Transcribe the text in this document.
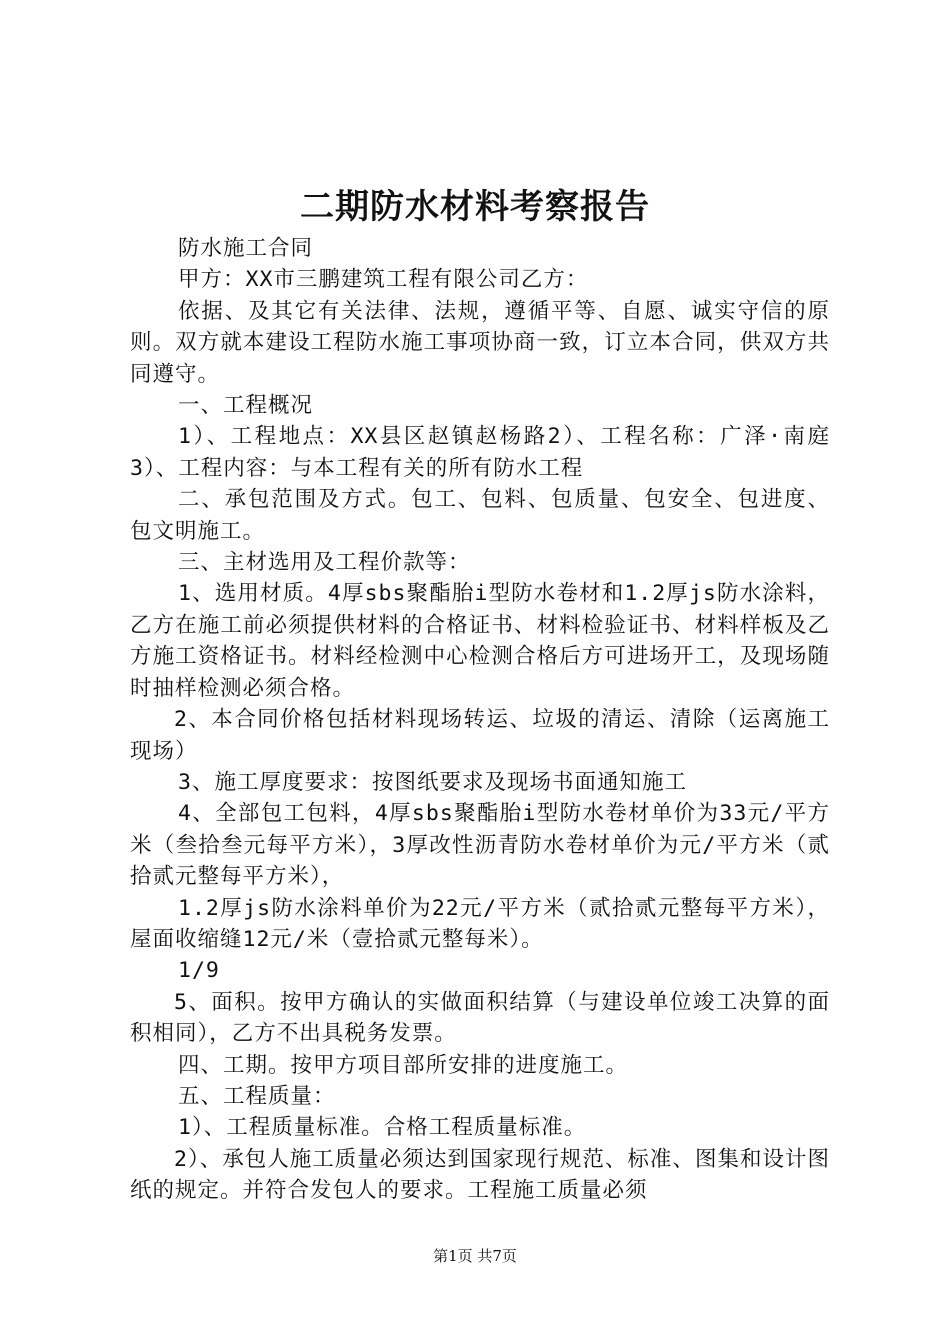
二期防水材料考察报告

防水施工合同

甲方：XX市三鹏建筑工程有限公司乙方：

依据、及其它有关法律、法规，遵循平等、自愿、诚实守信的原则。双方就本建设工程防水施工事项协商一致，订立本合同，供双方共同遵守。

一、工程概况

1）、工程地点：XX县区赵镇赵杨路2）、工程名称：广泽·南庭3）、工程内容：与本工程有关的所有防水工程

二、承包范围及方式。包工、包料、包质量、包安全、包进度、包文明施工。

三、主材选用及工程价款等：

1、选用材质。4厚sbs聚酯胎i型防水卷材和1.2厚js防水涂料，乙方在施工前必须提供材料的合格证书、材料检验证书、材料样板及乙方施工资格证书。材料经检测中心检测合格后方可进场开工，及现场随时抽样检测必须合格。

2、本合同价格包括材料现场转运、垃圾的清运、清除（运离施工现场）

3、施工厚度要求：按图纸要求及现场书面通知施工

4、全部包工包料，4厚sbs聚酯胎i型防水卷材单价为33元/平方米（叁拾叁元每平方米），3厚改性沥青防水卷材单价为元/平方米（贰拾贰元整每平方米），

1.2厚js防水涂料单价为22元/平方米（贰拾贰元整每平方米），屋面收缩缝12元/米（壹拾贰元整每米）。

1/9

5、面积。按甲方确认的实做面积结算（与建设单位竣工决算的面积相同），乙方不出具税务发票。

四、工期。按甲方项目部所安排的进度施工。

五、工程质量：

1）、工程质量标准。合格工程质量标准。

2）、承包人施工质量必须达到国家现行规范、标准、图集和设计图纸的规定。并符合发包人的要求。工程施工质量必须

第1页 共7页
